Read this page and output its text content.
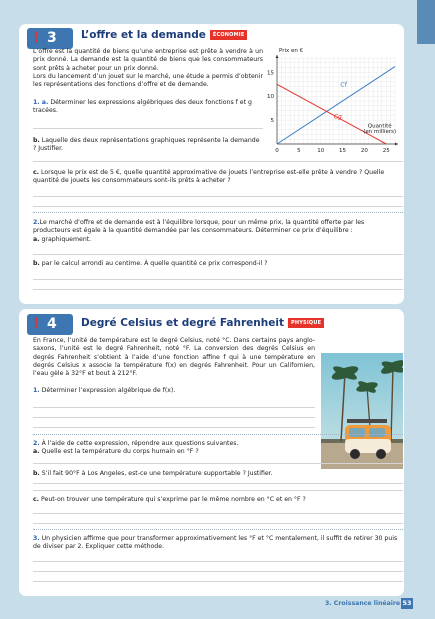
! 3 L’offre et la demande ÉCONOMIE
L’offre est la quantité de biens qu’une entreprise est prête à vendre à un prix donné. La demande est la quantité de biens que les consommateurs sont prêts à acheter pour un prix donné.
Lors du lancement d’un jouet sur le marché, une étude a permis d’obtenir les représentations des fonctions d’offre et de demande.
1. a. Déterminer les expressions algébriques des deux fonctions f et g tracées.
b. Laquelle des deux représentations graphiques représente la demande ? Justifier.	0	5	10	15	20	25
5
10
15
Prix en €
Quantité
(en milliers)
Cf
Cg
c. Lorsque le prix est de 5 €, quelle quantité approximative de jouets l’entreprise est-elle prête à vendre ? Quelle quantité de jouets les consommateurs sont-ils prêts à acheter ?
2.Le marché d’offre et de demande est à l’équilibre lorsque, pour un même prix, la quantité offerte par les producteurs est égale à la quantité demandée par les consommateurs. Déterminer ce prix d’équilibre :
a. graphiquement.
b. par le calcul arrondi au centime. À quelle quantité ce prix correspond-il ?
! 4 Degré Celsius et degré Fahrenheit PHYSIQUE
En France, l’unité de température est le degré Celsius, noté °C. Dans certains pays anglo-saxons, l’unité est le degré Fahrenheit, noté °F. La conversion des degrés Celsius en degrés Fahrenheit s’obtient à l’aide d’une fonction affine f qui à une température en degrés Celsius x associe la température f(x) en degrés Fahrenheit. Pour un Californien, l’eau gèle à 32°F et bout à 212°F.
1. Déterminer l’expression algébrique de f(x).
2. À l’aide de cette expression, répondre aux questions suivantes.
a. Quelle est la température du corps humain en °F ?
b. S’il fait 90°F à Los Angeles, est-ce une température supportable ? Justifier.
c. Peut-on trouver une température qui s’exprime par le même nombre en °C et en °F ?
3. Un physicien affirme que pour transformer approximativement les °F et °C mentalement, il suffit de retirer 30 puis de diviser par 2. Expliquer cette méthode.
3. Croissance linéaire 53
